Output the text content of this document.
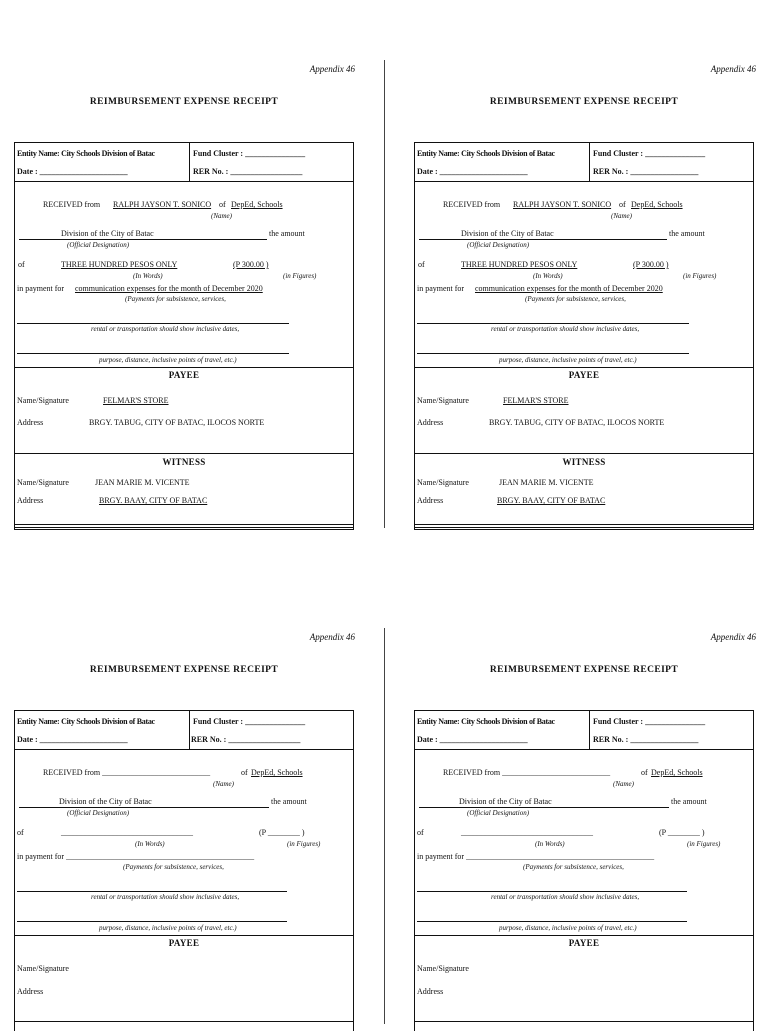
Appendix 46
REIMBURSEMENT EXPENSE RECEIPT
Entity Name: City Schools Division of Batac	Fund Cluster : _______________
Date : ______________________	RER No. : __________________
RECEIVED from RALPH JAYSON T. SONICO of DepEd, Schools
(Name)
Division of the City of Batac	the amount
(Official Designation)
of	THREE HUNDRED PESOS ONLY	(P 300.00 )
(In Words)	(in Figures)
in payment for communication expenses for the month of December 2020
(Payments for subsistence, services,
rental or transportation should show inclusive dates,
purpose, distance, inclusive points of travel, etc.)
PAYEE
Name/Signature	FELMAR'S STORE
Address	BRGY. TABUG, CITY OF BATAC, ILOCOS NORTE
WITNESS
Name/Signature	JEAN MARIE M. VICENTE
Address	BRGY. BAAY, CITY OF BATAC
Appendix 46
REIMBURSEMENT EXPENSE RECEIPT
Entity Name: City Schools Division of Batac	Fund Cluster : _______________
Date : ______________________	RER No. : _________________
RECEIVED from RALPH JAYSON T. SONICO of DepEd, Schools
(Name)
Division of the City of Batac	the amount
(Official Designation)
of	THREE HUNDRED PESOS ONLY	(P 300.00 )
(In Words)	(in Figures)
in payment for communication expenses for the month of December 2020
(Payments for subsistence, services,
rental or transportation should show inclusive dates,
purpose, distance, inclusive points of travel, etc.)
PAYEE
Name/Signature	FELMAR'S STORE
Address	BRGY. TABUG, CITY OF BATAC, ILOCOS NORTE
WITNESS
Name/Signature	JEAN MARIE M. VICENTE
Address	BRGY. BAAY, CITY OF BATAC
Appendix 46
REIMBURSEMENT EXPENSE RECEIPT
Entity Name: City Schools Division of Batac	Fund Cluster : _______________
Date : ______________________	RER No. : __________________
RECEIVED from ___________________________	of DepEd, Schools
(Name)
Division of the City of Batac	the amount
(Official Designation)
of	_________________________________	(P ________ )
(In Words)	(in Figures)
in payment for _______________________________________________
(Payments for subsistence, services,
rental or transportation should show inclusive dates,
purpose, distance, inclusive points of travel, etc.)
PAYEE
Name/Signature
Address
Appendix 46
REIMBURSEMENT EXPENSE RECEIPT
Entity Name: City Schools Division of Batac	Fund Cluster : _______________
Date : ______________________	RER No. : _________________
RECEIVED from ___________________________	of DepEd, Schools
(Name)
Division of the City of Batac	the amount
(Official Designation)
of	_________________________________	(P ________ )
(In Words)	(in Figures)
in payment for _______________________________________________
(Payments for subsistence, services,
rental or transportation should show inclusive dates,
purpose, distance, inclusive points of travel, etc.)
PAYEE
Name/Signature
Address
